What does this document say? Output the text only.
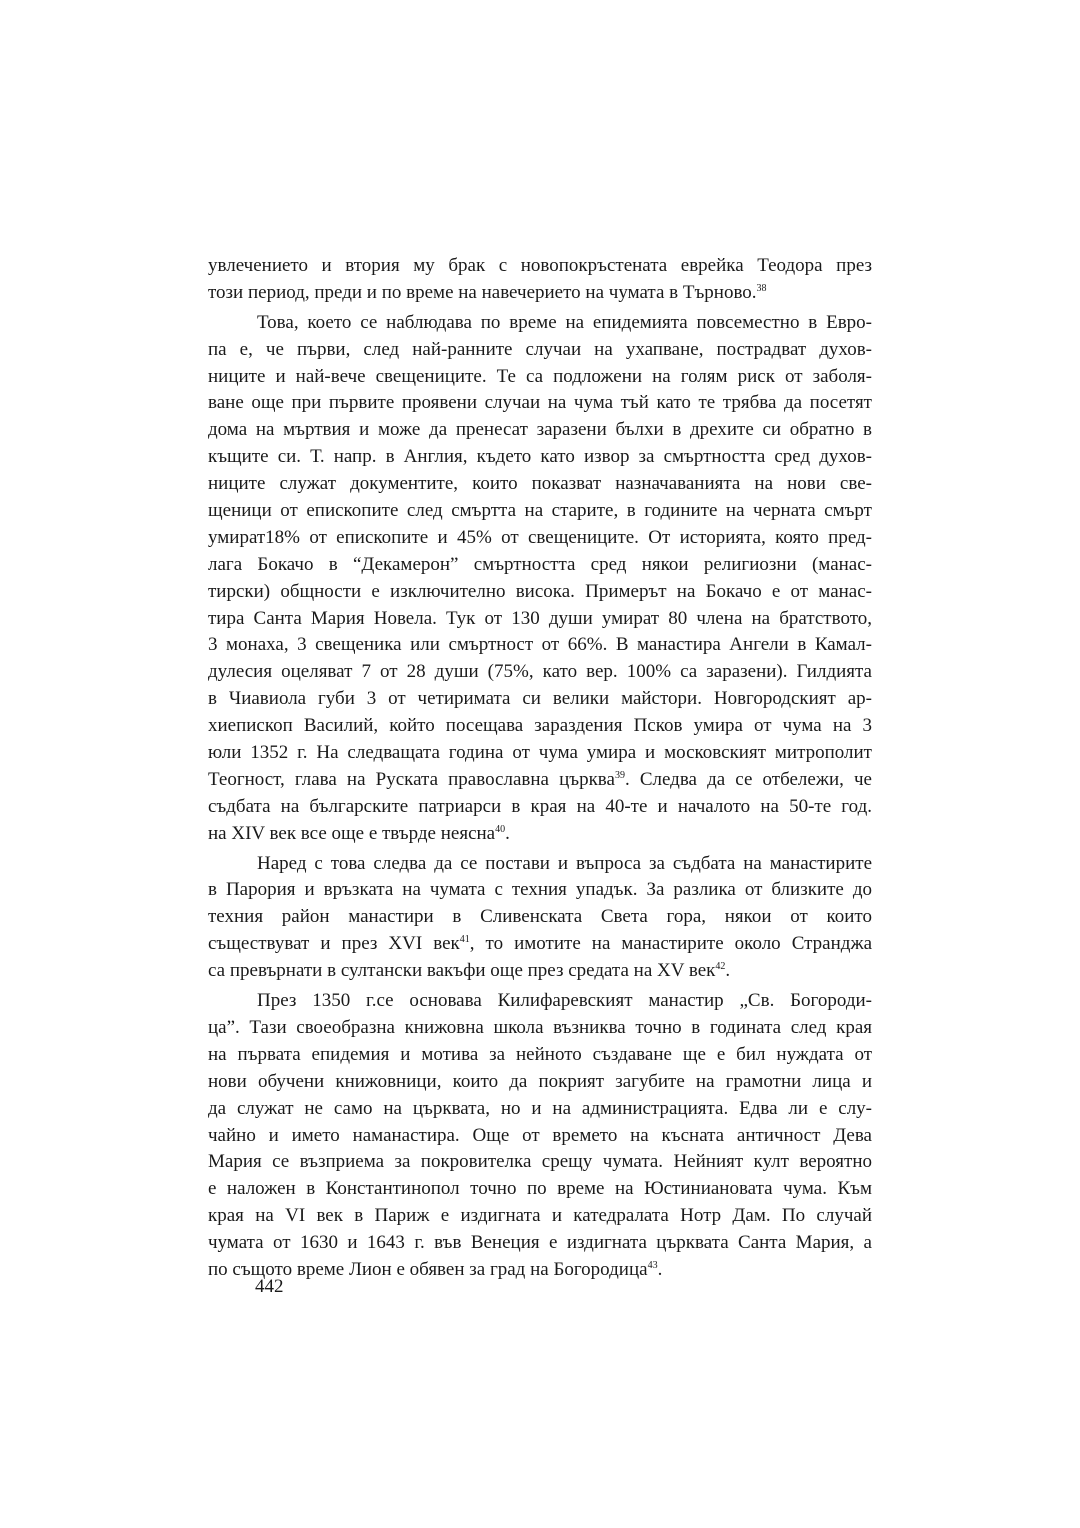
увлечението и втория му брак с новопокръстената еврейка Теодора през
този период, преди и по време на навечерието на чумата в Търново.$^{38}$
Това, което се наблюдава по време на епидемията повсеместно в Евро-
па е, че първи, след най-ранните случаи на ухапване, пострадват духов-
ниците и най-вече свещениците. Те са подложени на голям риск от заболя-
ване още при първите проявени случаи на чума тъй като те трябва да посетят
дома на мъртвия и може да пренесат заразени бълхи в дрехите си обратно в
къщите си. Т. напр. в Англия, където като извор за смъртността сред духов-
ниците служат документите, които показват назначаванията на нови све-
щеници от епископите след смъртта на старите, в годините на черната смърт
умират18% от епископите и 45% от свещениците. От историята, която пред-
лага Бокачо в “Декамерон” смъртността сред някои религиозни (манас-
тирски) общности е изключително висока. Примерът на Бокачо е от манас-
тира Санта Мария Новела. Тук от 130 души умират 80 члена на братството,
3 монаха, 3 свещеника или смъртност от 66%. В манастира Ангели в Камал-
дулесия оцеляват 7 от 28 души (75%, като вер. 100% са заразени). Гилдията
в Чиавиола губи 3 от четиримата си велики майстори. Новгородският ар-
хиепископ Василий, който посещава зараздения Псков умира от чума на 3
юли 1352 г. На следващата година от чума умира и московският митрополит
Теогност, глава на Руската православна църква$^{39}$. Следва да се отбележи, че
съдбата на българските патриарси в края на 40-те и началото на 50-те год.
на XIV век все още е твърде неясна$^{40}$.
Наред с това следва да се постави и въпроса за съдбата на манастирите
в Парория и връзката на чумата с техния упадък. За разлика от близките до
техния район манастири в Сливенската Света гора, някои от които
съществуват и през XVI век$^{41}$, то имотите на манастирите около Странджа
са превърнати в султански вакъфи още през средата на XV век$^{42}$.
През 1350 г.се основава Килифаревският манастир „Св. Богороди-
ца”. Тази своеобразна книжовна школа възниква точно в годината след края
на първата епидемия и мотива за нейното създаване ще е бил нуждата от
нови обучени книжовници, които да покрият загубите на грамотни лица и
да служат не само на църквата, но и на администрацията. Едва ли е слу-
чайно и името наманастира. Още от времето на късната античност Дева
Мария се възприема за покровителка срещу чумата. Нейният култ вероятно
е наложен в Константинопол точно по време на Юстиниановата чума. Към
края на VI век в Париж е издигната и катедралата Нотр Дам. По случай
чумата от 1630 и 1643 г. във Венеция е издигната църквата Санта Мария, а
по същото време Лион е обявен за град на Богородица$^{43}$.
442
